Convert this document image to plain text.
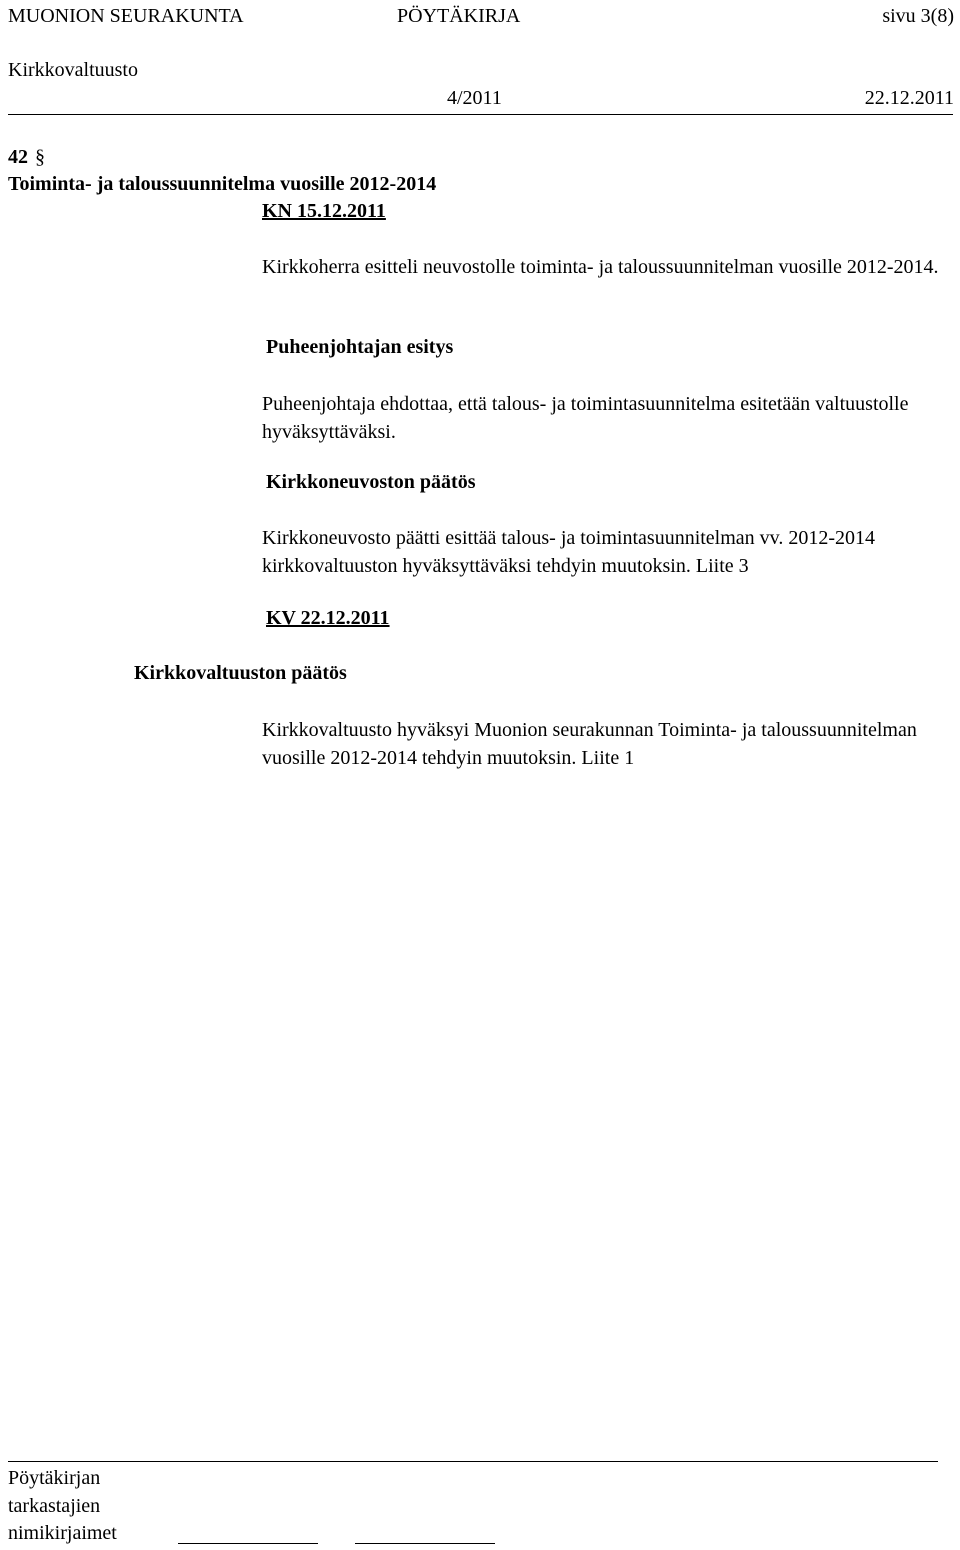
MUONION SEURAKUNTA	PÖYTÄKIRJA	sivu 3(8)
Kirkkovaltuusto
4/2011	22.12.2011
42 §
Toiminta- ja taloussuunnitelma vuosille 2012-2014
KN 15.12.2011
Kirkkoherra esitteli neuvostolle toiminta- ja taloussuunnitelman vuosille 2012-2014.
Puheenjohtajan esitys
Puheenjohtaja ehdottaa, että talous- ja toimintasuunnitelma esitetään valtuustolle hyväksyttäväksi.
Kirkkoneuvoston päätös
Kirkkoneuvosto päätti esittää talous- ja toimintasuunnitelman vv. 2012-2014 kirkkovaltuuston hyväksyttäväksi tehdyin muutoksin. Liite 3
KV 22.12.2011
Kirkkovaltuuston päätös
Kirkkovaltuusto hyväksyi Muonion seurakunnan Toiminta- ja taloussuunnitelman vuosille 2012-2014 tehdyin muutoksin. Liite 1
Pöytäkirjan
tarkastajien
nimikirjaimet
